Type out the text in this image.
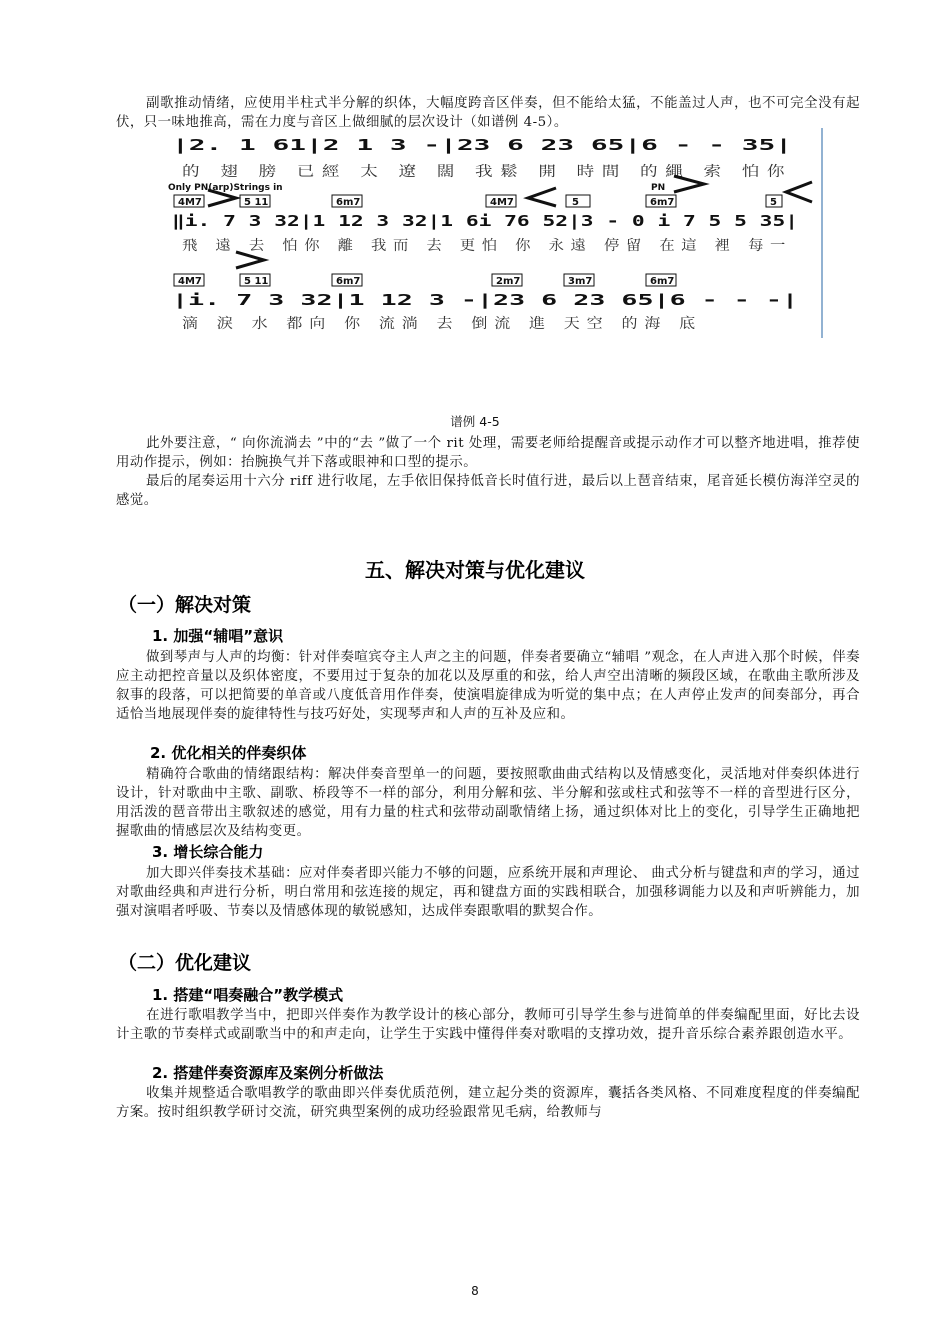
副歌推动情绪，应使用半柱式半分解的织体，大幅度跨音区伴奏，但不能给太猛，不能盖过人声，也不可完全没有起伏，只一味地推高，需在力度与音区上做细腻的层次设计（如谱例 4-5）。
|2. 1 61|2 1 3 -|23 6 23 65|6 - - 35|
的 翅 膀 已經 太 遼 闊 我鬆 開 時間 的繩 索 怕你
Only PN(arp)Strings in	PN
4M7	5 11	6m7	4M7	5	6m7	5
‖i. 7 3 32|1 12 3 32|1 6i 76 52|3 - 0 i 7 5 5 35|
飛 遠 去 怕你 離 我而 去 更怕 你 永遠 停留 在這 裡 每一
4M7	5 11	6m7	2m7	3m7	6m7
|i. 7 3 32|1 12 3 -|23 6 23 65|6 - - -|
滴 淚 水 都向 你 流淌 去 倒流 進 天空 的海 底
谱例 4-5
此外要注意，“ 向你流淌去 ”中的“去 ”做了一个 rit 处理，需要老师给提醒音或提示动作才可以整齐地进唱，推荐使用动作提示，例如：抬腕换气并下落或眼神和口型的提示。
最后的尾奏运用十六分 riff 进行收尾，左手依旧保持低音长时值行进，最后以上琶音结束，尾音延长模仿海洋空灵的感觉。
五、解决对策与优化建议
（一）解决对策
1. 加强“辅唱”意识
做到琴声与人声的均衡：针对伴奏喧宾夺主人声之主的问题，伴奏者要确立“辅唱 ”观念，在人声进入那个时候，伴奏应主动把控音量以及织体密度，不要用过于复杂的加花以及厚重的和弦，给人声空出清晰的频段区域，在歌曲主歌所涉及叙事的段落，可以把简要的单音或八度低音用作伴奏，使演唱旋律成为听觉的集中点；在人声停止发声的间奏部分，再合适恰当地展现伴奏的旋律特性与技巧好处，实现琴声和人声的互补及应和。
2. 优化相关的伴奏织体
精确符合歌曲的情绪跟结构：解决伴奏音型单一的问题，要按照歌曲曲式结构以及情感变化，灵活地对伴奏织体进行设计，针对歌曲中主歌、副歌、桥段等不一样的部分，利用分解和弦、半分解和弦或柱式和弦等不一样的音型进行区分，用活泼的琶音带出主歌叙述的感觉，用有力量的柱式和弦带动副歌情绪上扬，通过织体对比上的变化，引导学生正确地把握歌曲的情感层次及结构变更。
3. 增长综合能力
加大即兴伴奏技术基础：应对伴奏者即兴能力不够的问题，应系统开展和声理论、 曲式分析与键盘和声的学习，通过对歌曲经典和声进行分析，明白常用和弦连接的规定，再和键盘方面的实践相联合，加强移调能力以及和声听辨能力，加强对演唱者呼吸、节奏以及情感体现的敏锐感知，达成伴奏跟歌唱的默契合作。
（二）优化建议
1. 搭建“唱奏融合”教学模式
在进行歌唱教学当中，把即兴伴奏作为教学设计的核心部分，教师可引导学生参与进简单的伴奏编配里面，好比去设计主歌的节奏样式或副歌当中的和声走向，让学生于实践中懂得伴奏对歌唱的支撑功效，提升音乐综合素养跟创造水平。
2. 搭建伴奏资源库及案例分析做法
收集并规整适合歌唱教学的歌曲即兴伴奏优质范例，建立起分类的资源库，囊括各类风格、不同难度程度的伴奏编配方案。按时组织教学研讨交流，研究典型案例的成功经验跟常见毛病，给教师与
8
